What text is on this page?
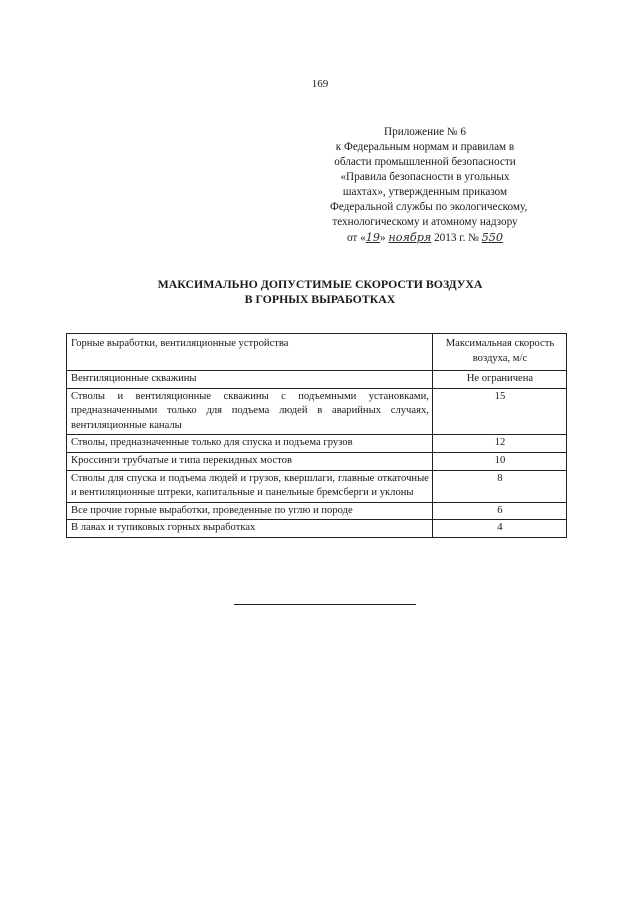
169
Приложение № 6
к Федеральным нормам и правилам в
области промышленной безопасности
«Правила безопасности в угольных
шахтах», утвержденным приказом
Федеральной службы по экологическому,
технологическому и атомному надзору
от «19» ноября 2013 г. № 550
МАКСИМАЛЬНО ДОПУСТИМЫЕ СКОРОСТИ ВОЗДУХА
В ГОРНЫХ ВЫРАБОТКАХ
Горные выработки, вентиляционные устройства	Максимальная скорость воздуха, м/с
Вентиляционные скважины	Не ограничена
Стволы и вентиляционные скважины с подъемными установками, предназначенными только для подъема людей в аварийных случаях, вентиляционные каналы	15
Стволы, предназначенные только для спуска и подъема грузов	12
Кроссинги трубчатые и типа перекидных мостов	10
Стволы для спуска и подъема людей и грузов, квершлаги, главные откаточные и вентиляционные штреки, капитальные и панельные бремсберги и уклоны	8
Все прочие горные выработки, проведенные по углю и породе	6
В лавах и тупиковых горных выработках	4
